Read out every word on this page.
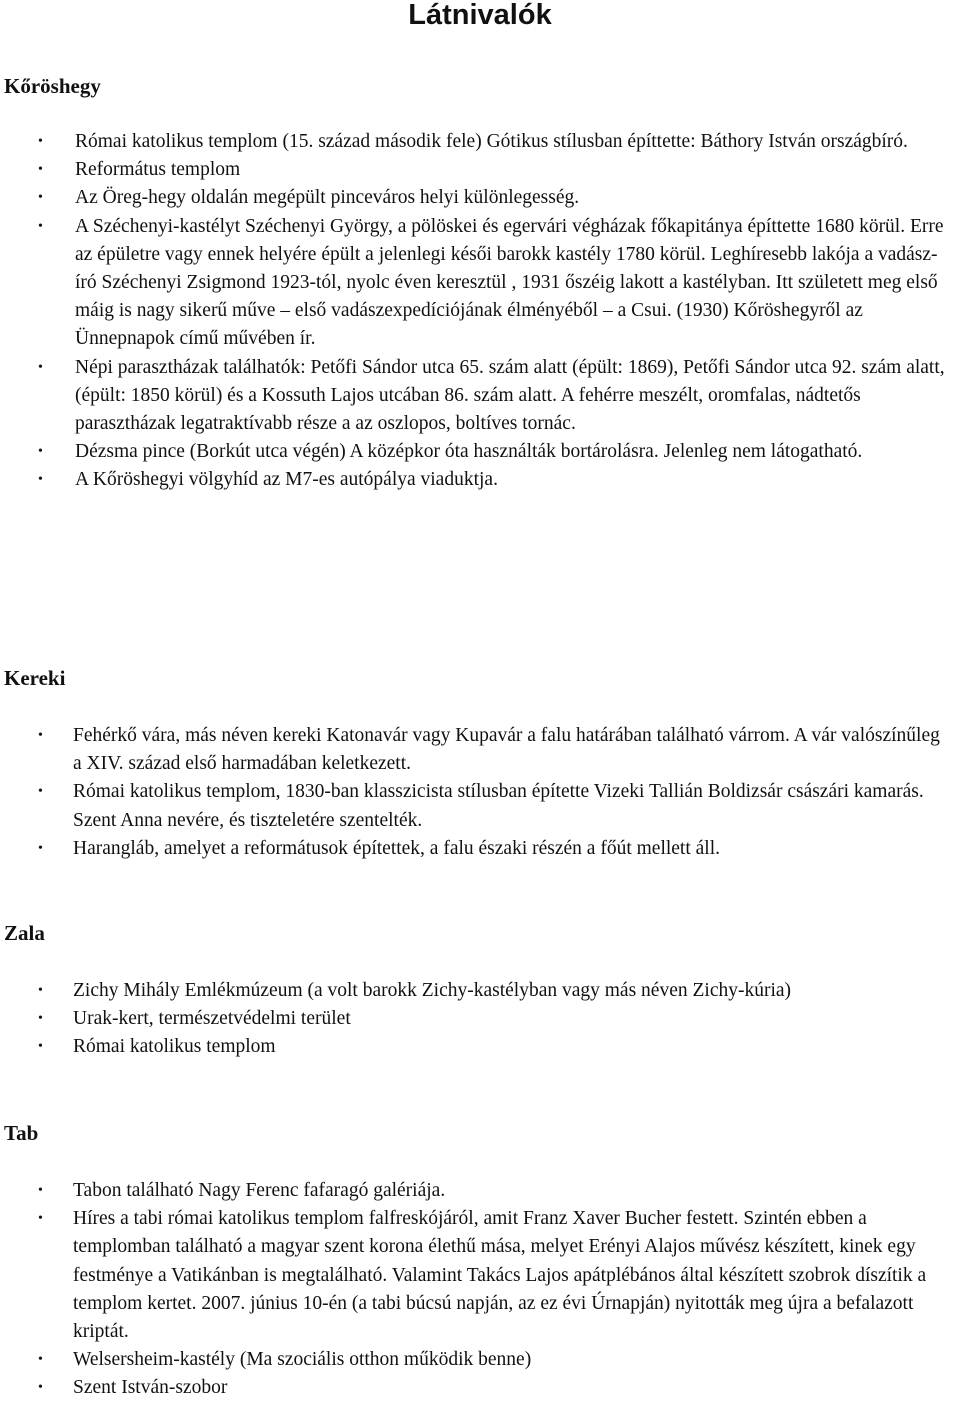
Látnivalók
Kőröshegy
• Római katolikus templom (15. század második fele) Gótikus stílusban építtette: Báthory István országbíró.
• Református templom
• Az Öreg-hegy oldalán megépült pinceváros helyi különlegesség.
• A Széchenyi-kastélyt Széchenyi György, a pölöskei és egervári végházak főkapitánya építtette 1680 körül. Erre az épületre vagy ennek helyére épült a jelenlegi késői barokk kastély 1780 körül. Leghíresebb lakója a vadász-író Széchenyi Zsigmond 1923-tól, nyolc éven keresztül , 1931 őszéig lakott a kastélyban. Itt született meg első máig is nagy sikerű műve – első vadászexpedíciójának élményéből – a Csui. (1930) Kőröshegyről az Ünnepnapok című művében ír.
• Népi parasztházak találhatók: Petőfi Sándor utca 65. szám alatt (épült: 1869), Petőfi Sándor utca 92. szám alatt, (épült: 1850 körül) és a Kossuth Lajos utcában 86. szám alatt. A fehérre meszélt, oromfalas, nádtetős parasztházak legatraktívabb része a az oszlopos, boltíves tornác.
• Dézsma pince (Borkút utca végén) A középkor óta használták bortárolásra. Jelenleg nem látogatható.
• A Kőröshegyi völgyhíd az M7-es autópálya viaduktja.
Kereki
• Fehérkő vára, más néven kereki Katonavár vagy Kupavár a falu határában található várrom. A vár valószínűleg a XIV. század első harmadában keletkezett.
• Római katolikus templom, 1830-ban klasszicista stílusban építette Vizeki Tallián Boldizsár császári kamarás. Szent Anna nevére, és tiszteletére szentelték.
• Harangláb, amelyet a reformátusok építettek, a falu északi részén a főút mellett áll.
Zala
• Zichy Mihály Emlékmúzeum (a volt barokk Zichy-kastélyban vagy más néven Zichy-kúria)
• Urak-kert, természetvédelmi terület
• Római katolikus templom
Tab
• Tabon található Nagy Ferenc fafaragó galériája.
• Híres a tabi római katolikus templom falfreskójáról, amit Franz Xaver Bucher festett. Szintén ebben a templomban található a magyar szent korona élethű mása, melyet Erényi Alajos művész készített, kinek egy festménye a Vatikánban is megtalálható. Valamint Takács Lajos apátplébános által készített szobrok díszítik a templom kertet. 2007. június 10-én (a tabi búcsú napján, az ez évi Úrnapján) nyitották meg újra a befalazott kriptát.
• Welsersheim-kastély (Ma szociális otthon működik benne)
• Szent István-szobor
